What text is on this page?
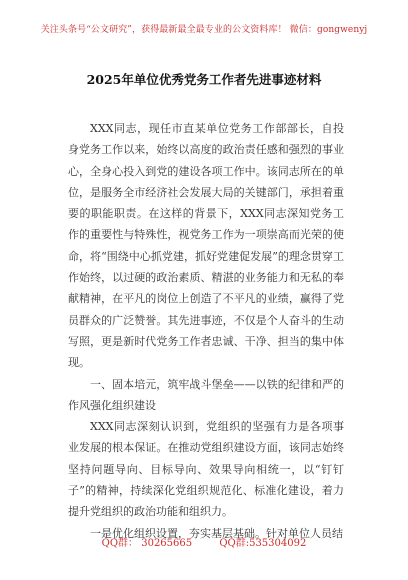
关注头条号“公文研究”，获得最新最全最专业的公文资料库！ 微信：gongwenyj
2025年单位优秀党务工作者先进事迹材料

XXX同志，现任市直某单位党务工作部部长，自投身党务工作以来，始终以高度的政治责任感和强烈的事业心，全身心投入到党的建设各项工作中。该同志所在的单位，是服务全市经济社会发展大局的关键部门，承担着重要的职能职责。在这样的背景下，XXX同志深知党务工作的重要性与特殊性，视党务工作为一项崇高而光荣的使命，将“围绕中心抓党建，抓好党建促发展”的理念贯穿工作始终，以过硬的政治素质、精湛的业务能力和无私的奉献精神，在平凡的岗位上创造了不平凡的业绩，赢得了党员群众的广泛赞誉。其先进事迹，不仅是个人奋斗的生动写照，更是新时代党务工作者忠诚、干净、担当的集中体现。

一、固本培元，筑牢战斗堡垒——以铁的纪律和严的作风强化组织建设

XXX同志深刻认识到，党组织的坚强有力是各项事业发展的根本保证。在推动党组织建设方面，该同志始终坚持问题导向、目标导向、效果导向相统一，以“钉钉子”的精神，持续深化党组织规范化、标准化建设，着力提升党组织的政治功能和组织力。

一是优化组织设置，夯实基层基础。针对单位人员结

QQ群： 30265665	QQ群:535304092
